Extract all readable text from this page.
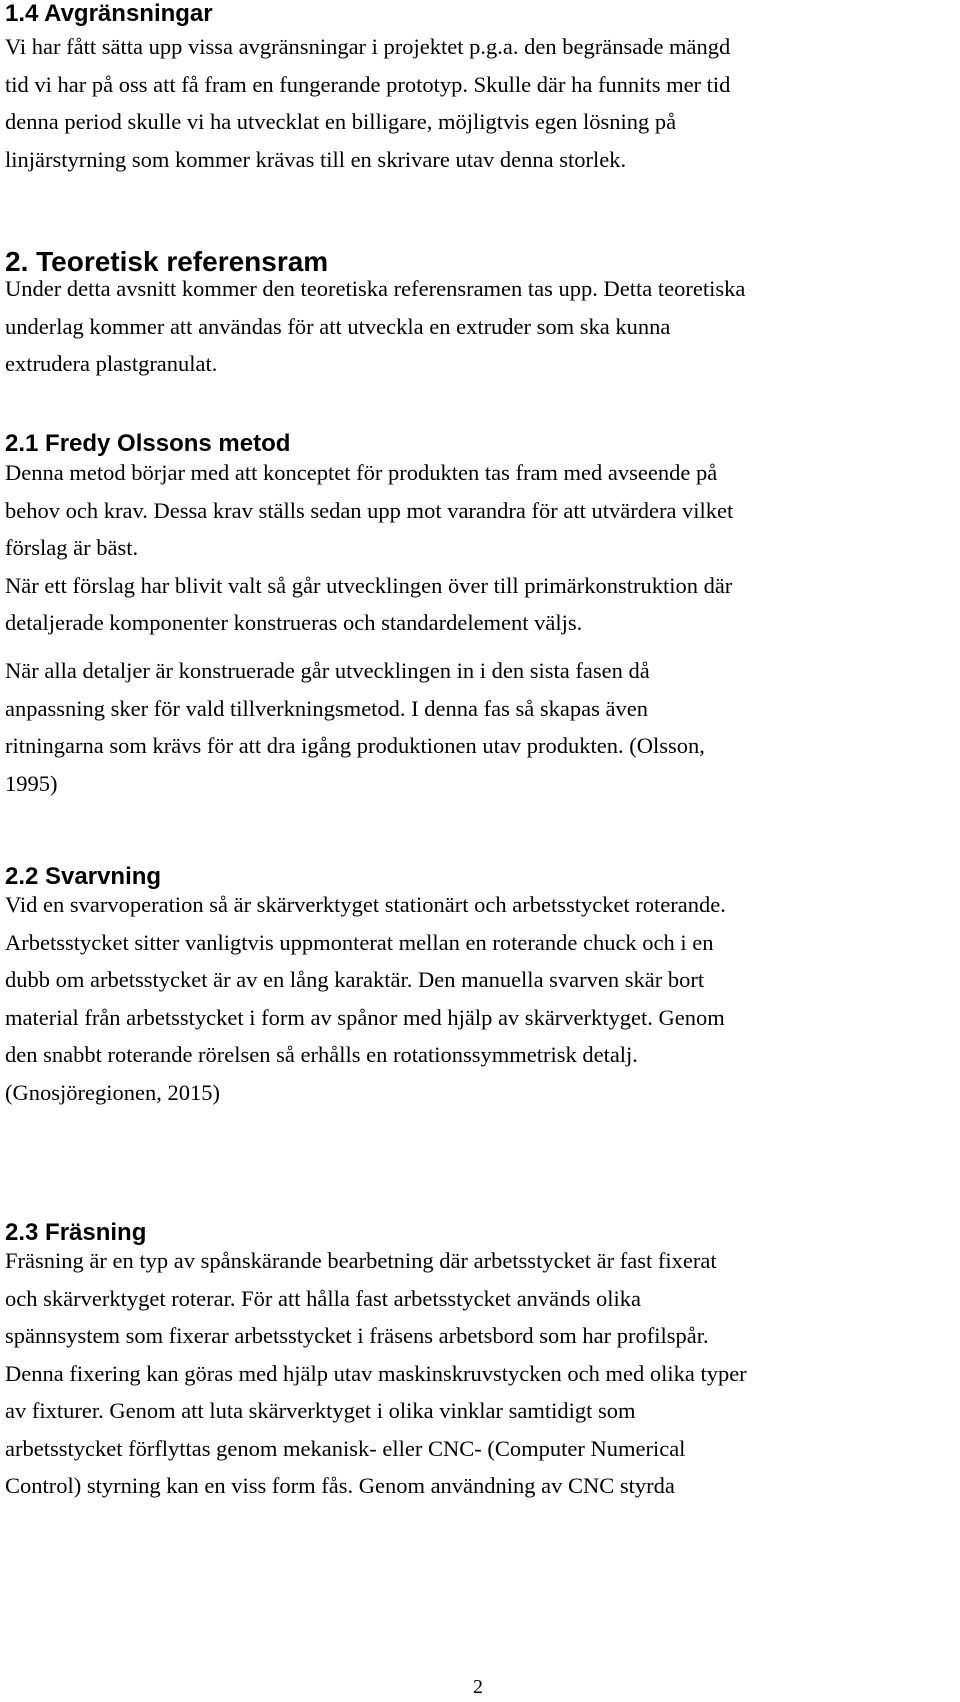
1.4 Avgränsningar
Vi har fått sätta upp vissa avgränsningar i projektet p.g.a. den begränsade mängd
tid vi har på oss att få fram en fungerande prototyp. Skulle där ha funnits mer tid
denna period skulle vi ha utvecklat en billigare, möjligtvis egen lösning på
linjärstyrning som kommer krävas till en skrivare utav denna storlek.
2. Teoretisk referensram
Under detta avsnitt kommer den teoretiska referensramen tas upp. Detta teoretiska
underlag kommer att användas för att utveckla en extruder som ska kunna
extrudera plastgranulat.
2.1 Fredy Olssons metod
Denna metod börjar med att konceptet för produkten tas fram med avseende på
behov och krav. Dessa krav ställs sedan upp mot varandra för att utvärdera vilket
förslag är bäst.
När ett förslag har blivit valt så går utvecklingen över till primärkonstruktion där
detaljerade komponenter konstrueras och standardelement väljs.
När alla detaljer är konstruerade går utvecklingen in i den sista fasen då
anpassning sker för vald tillverkningsmetod. I denna fas så skapas även
ritningarna som krävs för att dra igång produktionen utav produkten. (Olsson,
1995)
2.2 Svarvning
Vid en svarvoperation så är skärverktyget stationärt och arbetsstycket roterande.
Arbetsstycket sitter vanligtvis uppmonterat mellan en roterande chuck och i en
dubb om arbetsstycket är av en lång karaktär. Den manuella svarven skär bort
material från arbetsstycket i form av spånor med hjälp av skärverktyget. Genom
den snabbt roterande rörelsen så erhålls en rotationssymmetrisk detalj.
(Gnosjöregionen, 2015)
2.3 Fräsning
Fräsning är en typ av spånskärande bearbetning där arbetsstycket är fast fixerat
och skärverktyget roterar. För att hålla fast arbetsstycket används olika
spännsystem som fixerar arbetsstycket i fräsens arbetsbord som har profilspår.
Denna fixering kan göras med hjälp utav maskinskruvstycken och med olika typer
av fixturer. Genom att luta skärverktyget i olika vinklar samtidigt som
arbetsstycket förflyttas genom mekanisk- eller CNC- (Computer Numerical
Control) styrning kan en viss form fås. Genom användning av CNC styrda
2
